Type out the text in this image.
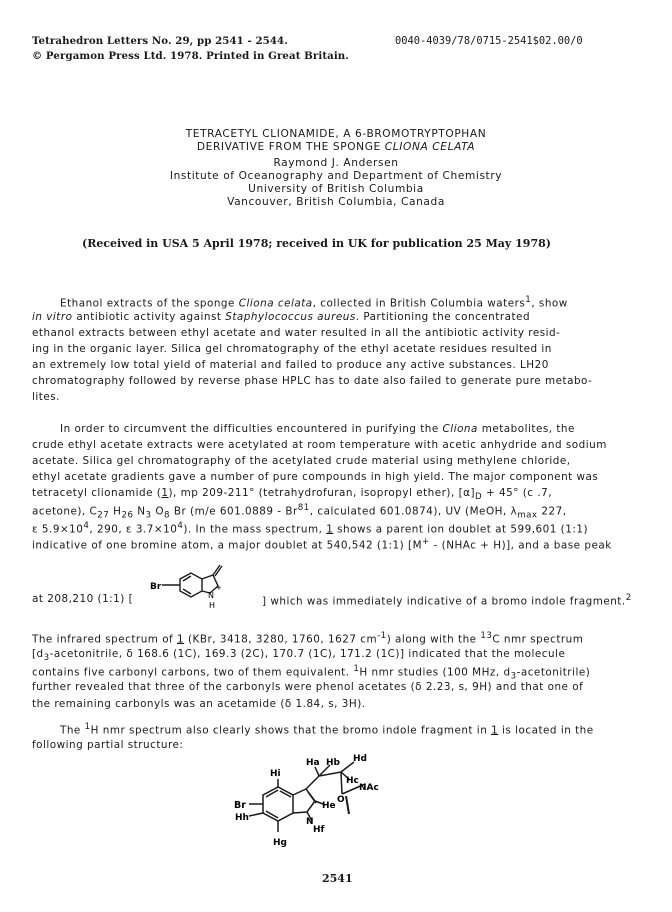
Tetrahedron Letters No. 29, pp 2541 - 2544.
© Pergamon Press Ltd. 1978. Printed in Great Britain.
0040-4039/78/0715-2541$02.00/0
TETRACETYL CLIONAMIDE, A 6-BROMOTRYPTOPHAN
DERIVATIVE FROM THE SPONGE CLIONA CELATA
Raymond J. Andersen
Institute of Oceanography and Department of Chemistry
University of British Columbia
Vancouver, British Columbia, Canada
(Received in USA 5 April 1978; received in UK for publication 25 May 1978)
Ethanol extracts of the sponge Cliona celata, collected in British Columbia waters$^1$, show
in vitro antibiotic activity against Staphylococcus aureus. Partitioning the concentrated
ethanol extracts between ethyl acetate and water resulted in all the antibiotic activity resid-
ing in the organic layer. Silica gel chromatography of the ethyl acetate residues resulted in
an extremely low total yield of material and failed to produce any active substances. LH20
chromatography followed by reverse phase HPLC has to date also failed to generate pure metabo-
lites.
In order to circumvent the difficulties encountered in purifying the Cliona metabolites, the
crude ethyl acetate extracts were acetylated at room temperature with acetic anhydride and sodium
acetate. Silica gel chromatography of the acetylated crude material using methylene chloride,
ethyl acetate gradients gave a number of pure compounds in high yield. The major component was
tetracetyl clionamide (1), mp 209-211° (tetrahydrofuran, isopropyl ether), $[\alpha]_D + 45^\circ$ (c .7,
acetone), $C_{27}$ $H_{26}$ $N_3$ $O_8$ Br (m/e 601.0889 - Br$^{81}$, calculated 601.0874), UV (MeOH, $\lambda_{max}$ 227,
ε $5.9\times 10^4$, 290, ε $3.7\times 10^4$). In the mass spectrum, 1 shows a parent ion doublet at 599,601 (1:1)
indicative of one bromine atom, a major doublet at 540,542 (1:1) [M+ - (NHAc + H)], and a base peak
at 208,210 (1:1) [
Br
N
+
H	] which was immediately indicative of a bromo indole fragment.$^2$
The infrared spectrum of 1 (KBr, 3418, 3280, 1760, 1627 $cm^{-1}$) along with the $^{13}$C nmr spectrum
[$d_3$-acetonitrile, δ 168.6 (1C), 169.3 (2C), 170.7 (1C), 171.2 (1C)] indicated that the molecule
contains five carbonyl carbons, two of them equivalent. $^1$H nmr studies (100 MHz, $d_3-acetonitrile$)
further revealed that three of the carbonyls were phenol acetates (δ 2.23, s, 9H) and that one of
the remaining carbonyls was an acetamide (δ 1.84, s, 3H).
The $^1$H nmr spectrum also clearly shows that the bromo indole fragment in 1 is located in the
following partial structure:
Br
Hh
Hi
Hg
N
Hf
He
Ha Hb Hd
Hc
NAc
O
2541
